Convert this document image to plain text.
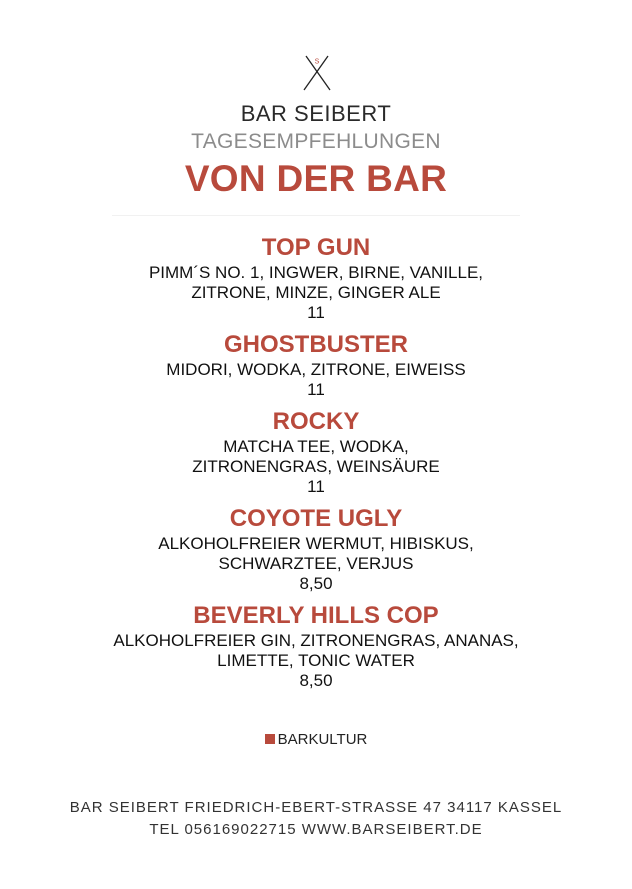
S
BAR SEIBERT
TAGESEMPFEHLUNGEN
VON DER BAR
TOP GUN
PIMM´S NO. 1, INGWER, BIRNE, VANILLE,
ZITRONE, MINZE, GINGER ALE
11
GHOSTBUSTER
MIDORI, WODKA, ZITRONE, EIWEISS
11
ROCKY
MATCHA TEE, WODKA,
ZITRONENGRAS, WEINSÄURE
11
COYOTE UGLY
ALKOHOLFREIER WERMUT, HIBISKUS,
SCHWARZTEE, VERJUS
8,50
BEVERLY HILLS COP
ALKOHOLFREIER GIN, ZITRONENGRAS, ANANAS,
LIMETTE, TONIC WATER
8,50
BARKULTUR
BAR SEIBERT FRIEDRICH-EBERT-STRASSE 47 34117 KASSEL
TEL 056169022715 WWW.BARSEIBERT.DE
